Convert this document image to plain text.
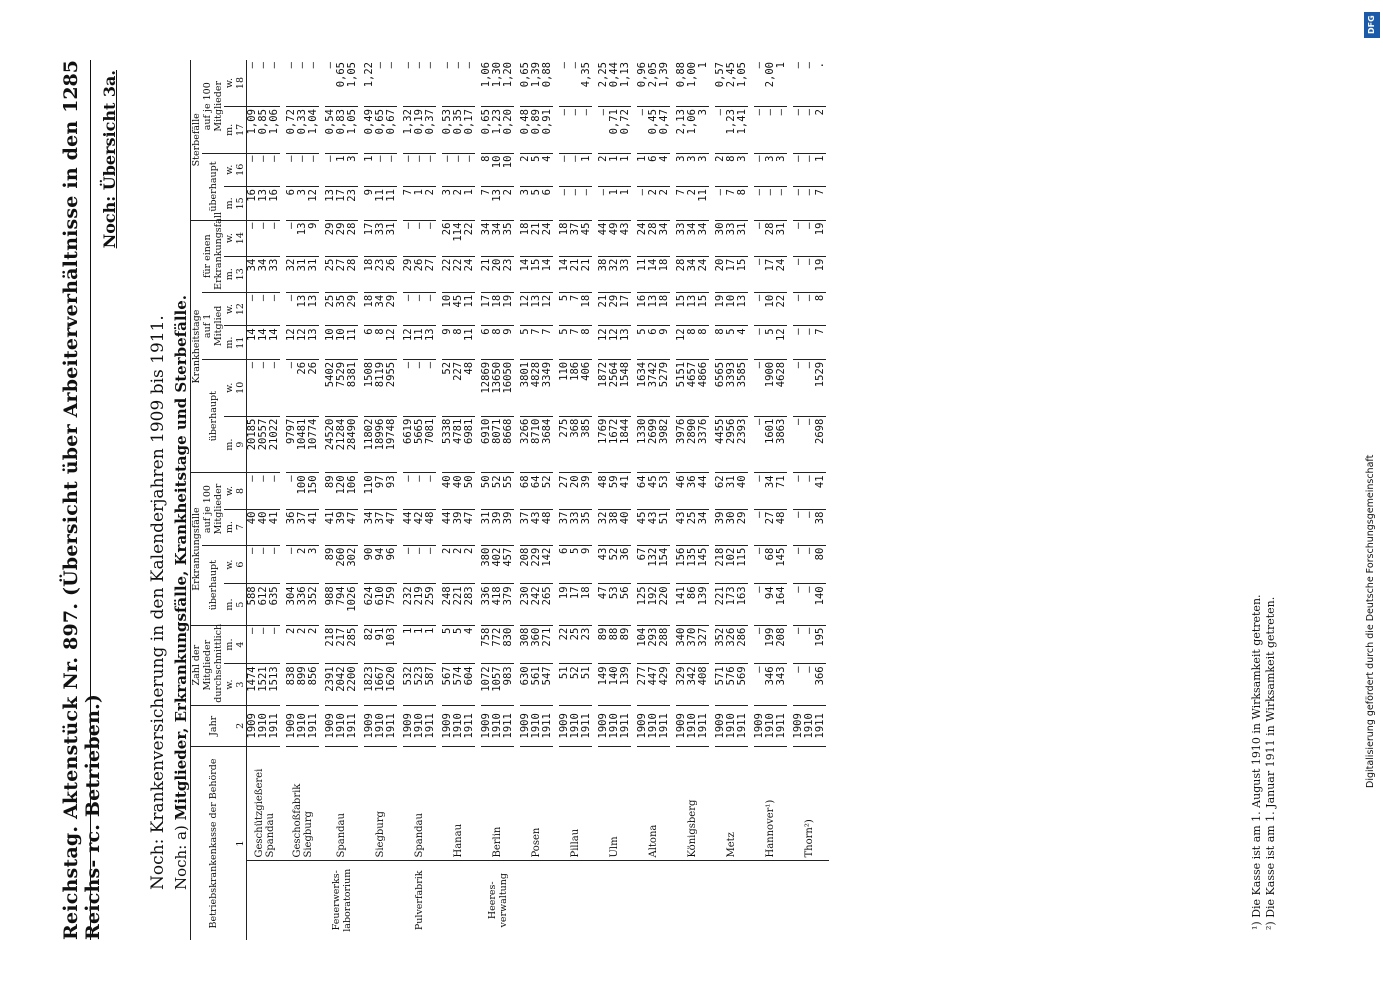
Reichstag. Aktenstück Nr. 897. (Übersicht über Arbeiterverhältnisse in den Reichs- rc. Betrieben.)
1285 Noch: Übersicht 3a.
Noch: Krankenversicherung in den Kalenderjahren 1909 bis 1911. Noch: a) Mitglieder, Erkrankungsfälle, Krankheitstage und Sterbefälle.
Betriebskrankenkasse der Behörde		Jahr	Zahl der Mitglieder durchschnittlich		Erkrankungsfälle				Krankheitstage						Sterbefälle			
					überhaupt		auf je 100 Mitglieder		überhaupt		auf 1 Mitglied		für einen Erkrankungsfall		überhaupt		auf je 100 Mitglieder	
			w.	m.	m.	w.	m.	w.	m.	w.	m.	w.	m.	w.	m.	w.	m.	w.
1		2	3	4	5	6	7	8	9	10	11	12	13	14	15	16	17	18
	Geschützgießerei Spandau	1909	1474	—	588	—	40	—	20185	—	14	—	34	—	16	—	1,09	—
		1910	1521	—	612	—	40	—	20557	—	14	—	34	—	13	—	0,85	—
		1911	1513	—	635	—	41	—	21022	—	14	—	33	—	16	—	1,06	—
	Geschoßfabrik Siegburg	1909	838	2	304	—	36	—	9797	—	12	—	32	—	6	—	0,72	—
		1910	899	2	336	2	37	100	10481	26	12	13	31	13	3	—	0,33	—
		1911	856	2	352	3	41	150	10774	26	13	13	31	9	12	—	1,04	—
Feuerwerks-laboratorium	Spandau	1909	2391	218	988	89	41	89	24520	5402	10	25	25	29	13	—	0,54	—
		1910	2042	217	794	260	39	120	21284	7529	10	35	27	29	17	1	0,83	0,65
		1911	2200	285	1026	302	47	106	28490	8381	11	29	28	28	23	3	1,05	1,05
	Siegburg	1909	1823	82	624	90	34	110	11802	1508	6	18	18	17	9	1	0,49	1,22
		1910	1667	91	610	94	37	97	18996	8119	8	34	23	33	11	—	0,65	—
		1911	1620	103	759	96	47	93	19748	2955	12	29	26	31	11	—	0,67	—
Pulverfabrik	Spandau	1909	532	1	232	—	44	—	6619	—	12	—	29	—	7	—	1,32	—
		1910	523	1	219	—	42	—	5665	—	11	—	26	—	1	—	0,19	—
		1911	587	1	259	—	48	—	7081	—	13	—	27	—	2	—	0,37	—
	Hanau	1909	567	5	248	2	44	40	5338	52	9	10	22	26	3	—	0,53	—
		1910	574	5	221	2	39	40	4781	227	8	45	22	114	2	—	0,35	—
		1911	604	4	283	2	47	50	6981	48	11	11	24	22	1	—	0,17	—
Heeres-verwaltung	Berlin	1909	1072	758	336	380	31	50	6910	12869	6	17	21	34	7	8	0,65	1,06
		1910	1057	772	418	402	39	52	8071	13650	8	18	20	34	13	10	1,23	1,30
		1911	983	830	379	457	39	55	8668	16050	9	19	23	35	2	10	0,20	1,20
	Posen	1909	630	308	230	208	37	68	3266	3801	5	12	14	18	3	2	0,48	0,65
		1910	561	360	242	229	43	64	8710	4828	7	13	15	21	5	5	0,89	1,39
		1911	547	271	265	142	48	52	3684	3349	7	12	14	24	6	4	0,91	0,88
	Pillau	1909	51	22	19	6	37	27	275	110	5	5	14	18	—	—	—	—
		1910	52	25	17	5	33	20	368	186	7	7	21	37	—	—	—	—
		1911	51	23	18	9	35	39	385	406	8	18	21	45	—	1	—	4,35
	Ulm	1909	149	89	47	43	32	48	1769	1872	12	21	38	44	—	2	—	2,25
		1910	140	88	53	52	38	59	1672	2564	12	29	32	49	1	1	0,71	0,44
		1911	139	89	56	36	40	41	1844	1548	13	17	33	43	1	1	0,72	1,13
	Altona	1909	277	104	125	67	45	64	1330	1634	5	16	11	24	—	1	—	0,96
		1910	447	293	192	132	43	45	2699	3742	6	13	14	28	2	6	0,45	2,05
		1911	429	288	220	154	51	53	3982	5279	9	18	18	34	2	4	0,47	1,39
	Königsberg	1909	329	340	141	156	43	46	3976	5151	12	15	28	33	7	3	2,13	0,88
		1910	342	370	86	135	25	36	2890	4657	8	13	34	34	2	3	1,06	1,00
		1911	408	327	139	145	34	44	3376	4866	8	15	24	34	11	3	3	1
	Metz	1909	571	352	221	218	39	62	4455	6565	8	19	20	30	—	2	—	0,57
		1910	576	326	173	102	30	31	2956	3393	5	10	17	33	7	8	1,23	2,45
		1911	569	286	163	115	29	40	2393	3585	4	13	15	31	8	3	1,41	1,05
	Hannover¹)	1909	—	—	—	—	—	—	—	—	—	—	—	—	—	—	—	—
		1910	346	199	94	68	27	34	1601	1900	5	10	17	28	—	3	—	2,00
		1911	343	208	164	145	48	71	3863	4628	12	22	24	31	—	3	—	1
	Thorn²)	1909	—	—	—	—	—	—	—	—	—	—	—	—	—	—	—	—
		1910	—	—	—	—	—	—	—	—	—	—	—	—	—	—	—	—
		1911	366	195	140	80	38	41	2698	1529	7	8	19	19	7	1	2	.
¹) Die Kasse ist am 1. August 1910 in Wirksamkeit getreten. ²) Die Kasse ist am 1. Januar 1911 in Wirksamkeit getreten.
DFG
Digitalisierung gefördert durch die Deutsche Forschungsgemeinschaft
